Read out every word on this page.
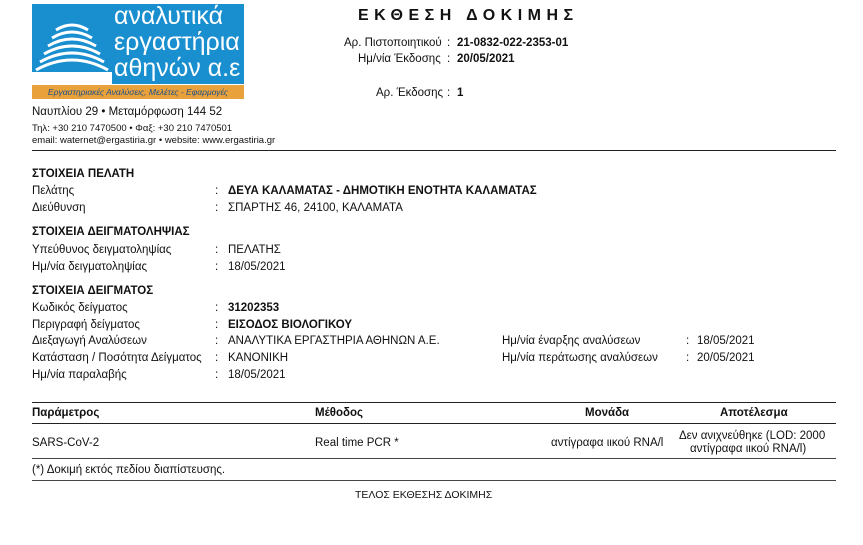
αναλυτικά
εργαστήρια
αθηνών α.ε
Εργαστηριακές Αναλύσεις, Μελέτες - Εφαρμογές
Ναυπλίου 29 • Μεταμόρφωση 144 52
Τηλ: +30 210 7470500 • Φαξ: +30 210 7470501
email: waternet@ergastiria.gr • website: www.ergastiria.gr
ΕΚΘΕΣΗ ΔΟΚΙΜΗΣ
Αρ. Πιστοποιητικού : 21-0832-022-2353-01
Ημ/νία Έκδοσης : 20/05/2021
Αρ. Έκδοσης : 1
ΣΤΟΙΧΕΙΑ ΠΕΛΑΤΗ
Πελάτης	: ΔΕΥΑ ΚΑΛΑΜΑΤΑΣ - ΔΗΜΟΤΙΚΗ ΕΝΟΤΗΤΑ ΚΑΛΑΜΑΤΑΣ
Διεύθυνση	: ΣΠΑΡΤΗΣ 46, 24100, ΚΑΛΑΜΑΤΑ
ΣΤΟΙΧΕΙΑ ΔΕΙΓΜΑΤΟΛΗΨΙΑΣ
Υπεύθυνος δειγματοληψίας	: ΠΕΛΑΤΗΣ
Ημ/νία δειγματοληψίας	: 18/05/2021
ΣΤΟΙΧΕΙΑ ΔΕΙΓΜΑΤΟΣ
Κωδικός δείγματος	: 31202353
Περιγραφή δείγματος	: ΕΙΣΟΔΟΣ ΒΙΟΛΟΓΙΚΟΥ
Διεξαγωγή Αναλύσεων	: ΑΝΑΛΥΤΙΚΑ ΕΡΓΑΣΤΗΡΙΑ ΑΘΗΝΩΝ Α.Ε.	Ημ/νία έναρξης αναλύσεων	: 18/05/2021
Κατάσταση / Ποσότητα Δείγματος : ΚΑΝΟΝΙΚΗ	Ημ/νία περάτωσης αναλύσεων : 20/05/2021
Ημ/νία παραλαβής	: 18/05/2021
Παράμετρος	Μέθοδος	Μονάδα	Αποτέλεσμα
SARS-CoV-2	Real time PCR *	αντίγραφα ιικού RNA/l
Δεν ανιχνεύθηκε (LOD: 2000
αντίγραφα ιικού RNA/l)
(*) Δοκιμή εκτός πεδίου διαπίστευσης.
ΤΕΛΟΣ ΕΚΘΕΣΗΣ ΔΟΚΙΜΗΣ
